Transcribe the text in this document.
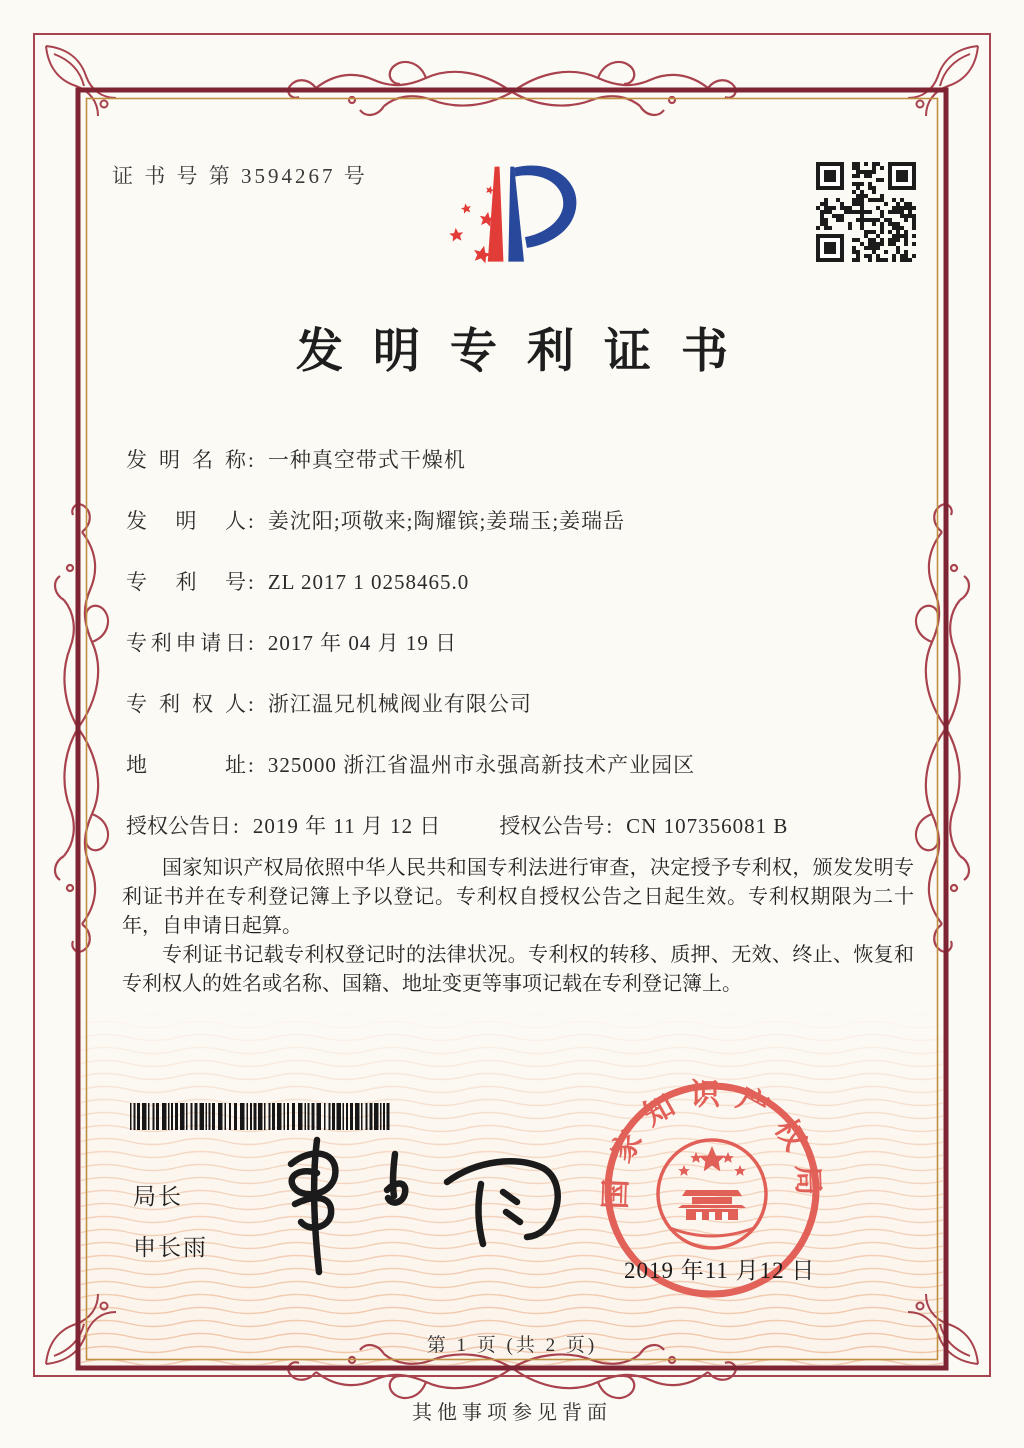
证 书 号 第 3594267 号
发明专利证书
发明名称 : 一种真空带式干燥机
发明人 : 姜沈阳;项敬来;陶耀镔;姜瑞玉;姜瑞岳
专利号 : ZL 2017 1 0258465.0
专利申请日 : 2017 年 04 月 19 日
专利权人 : 浙江温兄机械阀业有限公司
地址 : 325000 浙江省温州市永强高新技术产业园区
授权公告日 : 2019 年 11 月 12 日	授权公告号 : CN 107356081 B

国家知识产权局依照中华人民共和国专利法进行审查，决定授予专利权，颁发发明专利证书并在专利登记簿上予以登记。专利权自授权公告之日起生效。专利权期限为二十年，自申请日起算。

专利证书记载专利权登记时的法律状况。专利权的转移、质押、无效、终止、恢复和专利权人的姓名或名称、国籍、地址变更等事项记载在专利登记簿上。

局长
申长雨
国家知识产权局
2019 年11 月12 日
第 1 页 (共 2 页)
其他事项参见背面
